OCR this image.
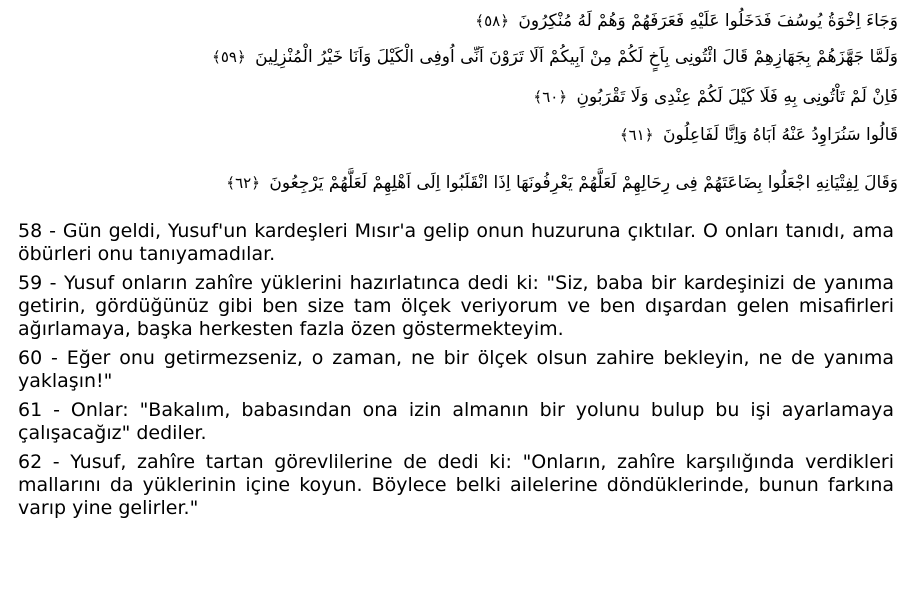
وَجَاءَ اِخْوَةُ يُوسُفَ فَدَخَلُوا عَلَيْهِ فَعَرَفَهُمْ وَهُمْ لَهُ مُنْكِرُونَ ﴿٥٨﴾
وَلَمَّا جَهَّزَهُمْ بِجَهَازِهِمْ قَالَ ائْتُونِى بِاَخٍ لَكُمْ مِنْ اَبِيكُمْ اَلَا تَرَوْنَ اَنِّى اُوفِى الْكَيْلَ وَاَنَا خَيْرُ الْمُنْزِلِينَ ﴿٥٩﴾
فَاِنْ لَمْ تَاْتُونِى بِهِ فَلَا كَيْلَ لَكُمْ عِنْدِى وَلَا تَقْرَبُونِ ﴿٦٠﴾
قَالُوا سَنُرَاوِدُ عَنْهُ اَبَاهُ وَاِنَّا لَفَاعِلُونَ ﴿٦١﴾
وَقَالَ لِفِتْيَانِهِ اجْعَلُوا بِضَاعَتَهُمْ فِى رِحَالِهِمْ لَعَلَّهُمْ يَعْرِفُونَهَا اِذَا انْقَلَبُوا اِلَى اَهْلِهِمْ لَعَلَّهُمْ يَرْجِعُونَ ﴿٦٢﴾

58 - Gün geldi, Yusuf'un kardeşleri Mısır'a gelip onun huzuruna çıktılar. O onları tanıdı, ama öbürleri onu tanıyamadılar.

59 - Yusuf onların zahîre yüklerini hazırlatınca dedi ki: "Siz, baba bir kardeşinizi de yanıma getirin, gördüğünüz gibi ben size tam ölçek veriyorum ve ben dışardan gelen misafirleri ağırlamaya, başka herkesten fazla özen göstermekteyim.

60 - Eğer onu getirmezseniz, o zaman, ne bir ölçek olsun zahire bekleyin, ne de yanıma yaklaşın!"

61 - Onlar: "Bakalım, babasından ona izin almanın bir yolunu bulup bu işi ayarlamaya çalışacağız" dediler.

62 - Yusuf, zahîre tartan görevlilerine de dedi ki: "Onların, zahîre karşılığında verdikleri mallarını da yüklerinin içine koyun. Böylece belki ailelerine döndüklerinde, bunun farkına varıp yine gelirler."
